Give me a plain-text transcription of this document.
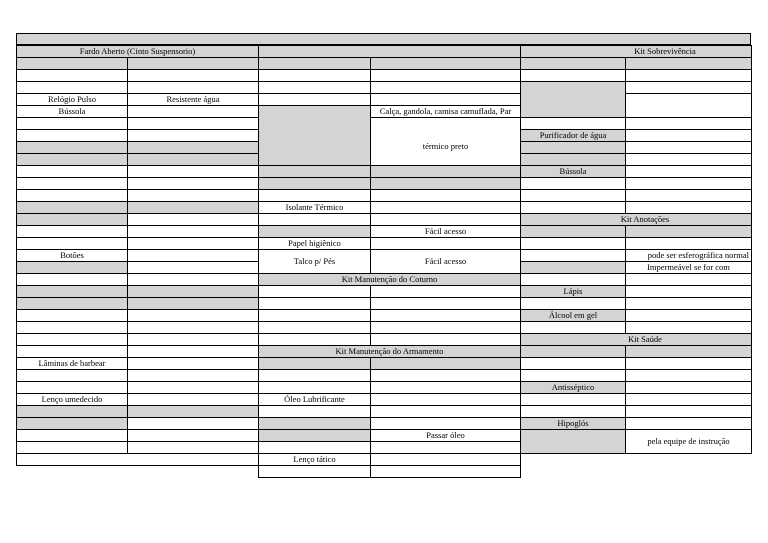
Fardo Aberto (Cinto Suspensorio)				Kit Sobrevivência	

Relógio Pulso	Resistente água				
Bússola			Calça, gandola, camisa camuflada, Par		
			térmico preto		
				Purificador de água	

				Bússola	

		Isolante Térmico			
				Kit Anotações	
			Fácil acesso		
		Papel higiênico			
Botões		Talco p/ Pés	Fácil acesso		pode ser esferográfica normal
					Impermeável se for com

		Kit Manutenção do Coturno			
				Lápis	

				Álcool em gel	

				Kit Saúde	
		Kit Manutenção do Armamento			
Lâminas de barbear					

				Antisséptico	
Lenço umedecido		Óleo Lubrificante			

				Hipoglós	
			Passar óleo		pela equipe de instrução

		Lenço tático			
